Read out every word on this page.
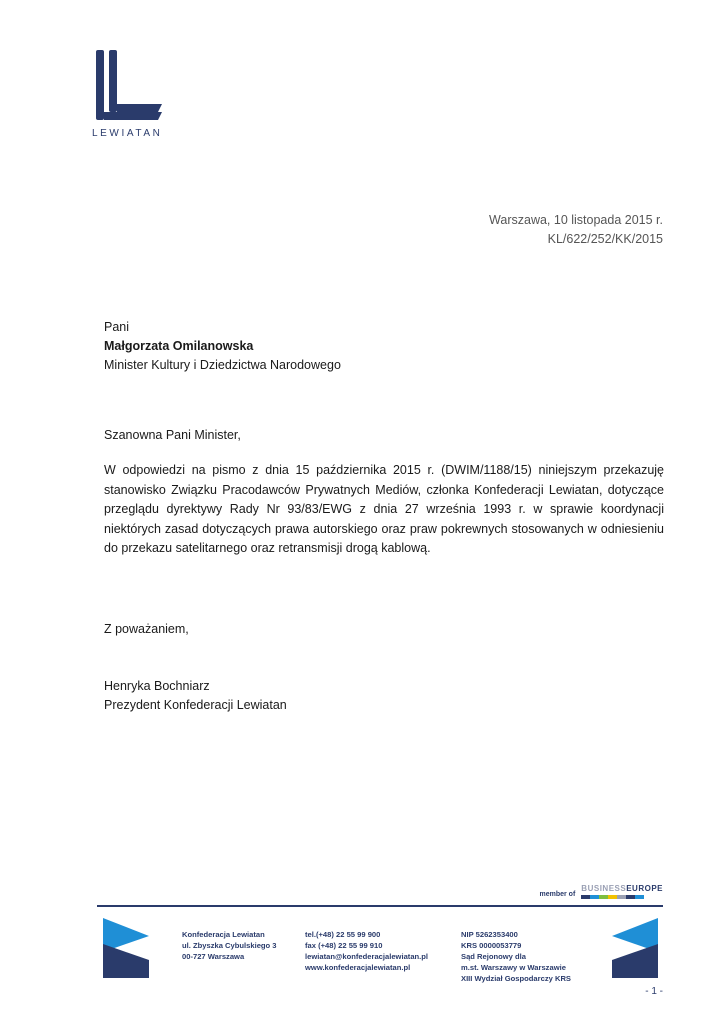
LEWIATAN
Warszawa, 10 listopada 2015 r.
KL/622/252/KK/2015
Pani
Małgorzata Omilanowska
Minister Kultury i Dziedzictwa Narodowego
Szanowna Pani Minister,
W odpowiedzi na pismo z dnia 15 października 2015 r. (DWIM/1188/15) niniejszym przekazuję stanowisko Związku Pracodawców Prywatnych Mediów, członka Konfederacji Lewiatan, dotyczące przeglądu dyrektywy Rady Nr 93/83/EWG z dnia 27 września 1993 r. w sprawie koordynacji niektórych zasad dotyczących prawa autorskiego oraz praw pokrewnych stosowanych w odniesieniu do przekazu satelitarnego oraz retransmisji drogą kablową.
Z poważaniem,
Henryka Bochniarz
Prezydent Konfederacji Lewiatan
member of
BUSINESSEUROPE
Konfederacja Lewiatan
ul. Zbyszka Cybulskiego 3
00-727 Warszawa
tel.(+48) 22 55 99 900
fax (+48) 22 55 99 910
lewiatan@konfederacjalewiatan.pl
www.konfederacjalewiatan.pl
NIP 5262353400
KRS 0000053779
Sąd Rejonowy dla
m.st. Warszawy w Warszawie
XIII Wydział Gospodarczy KRS
- 1 -
